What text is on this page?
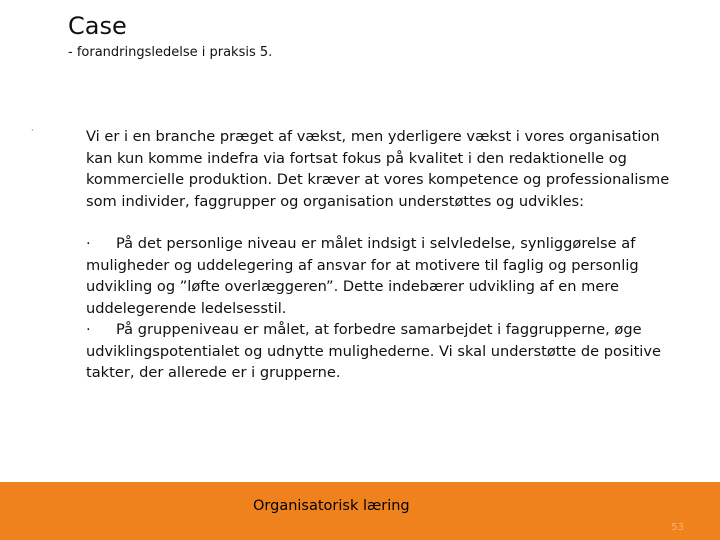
Case
- forandringsledelse i praksis 5.
·	Vi er i en branche præget af vækst, men yderligere vækst i vores organisation kan kun komme indefra via fortsat fokus på kvalitet i den redaktionelle og kommercielle produktion. Det kræver at vores kompetence og professionalisme som individer, faggrupper og organisation understøttes og udvikles:

· På det personlige niveau er målet indsigt i selvledelse, synliggørelse af muligheder og uddelegering af ansvar for at motivere til faglig og personlig udvikling og ”løfte overlæggeren”. Dette indebærer udvikling af en mere uddelegerende ledelsesstil.

· På gruppeniveau er målet, at forbedre samarbejdet i faggrupperne, øge udviklingspotentialet og udnytte mulighederne. Vi skal understøtte de positive takter, der allerede er i grupperne.

Organisatorisk læring
53
